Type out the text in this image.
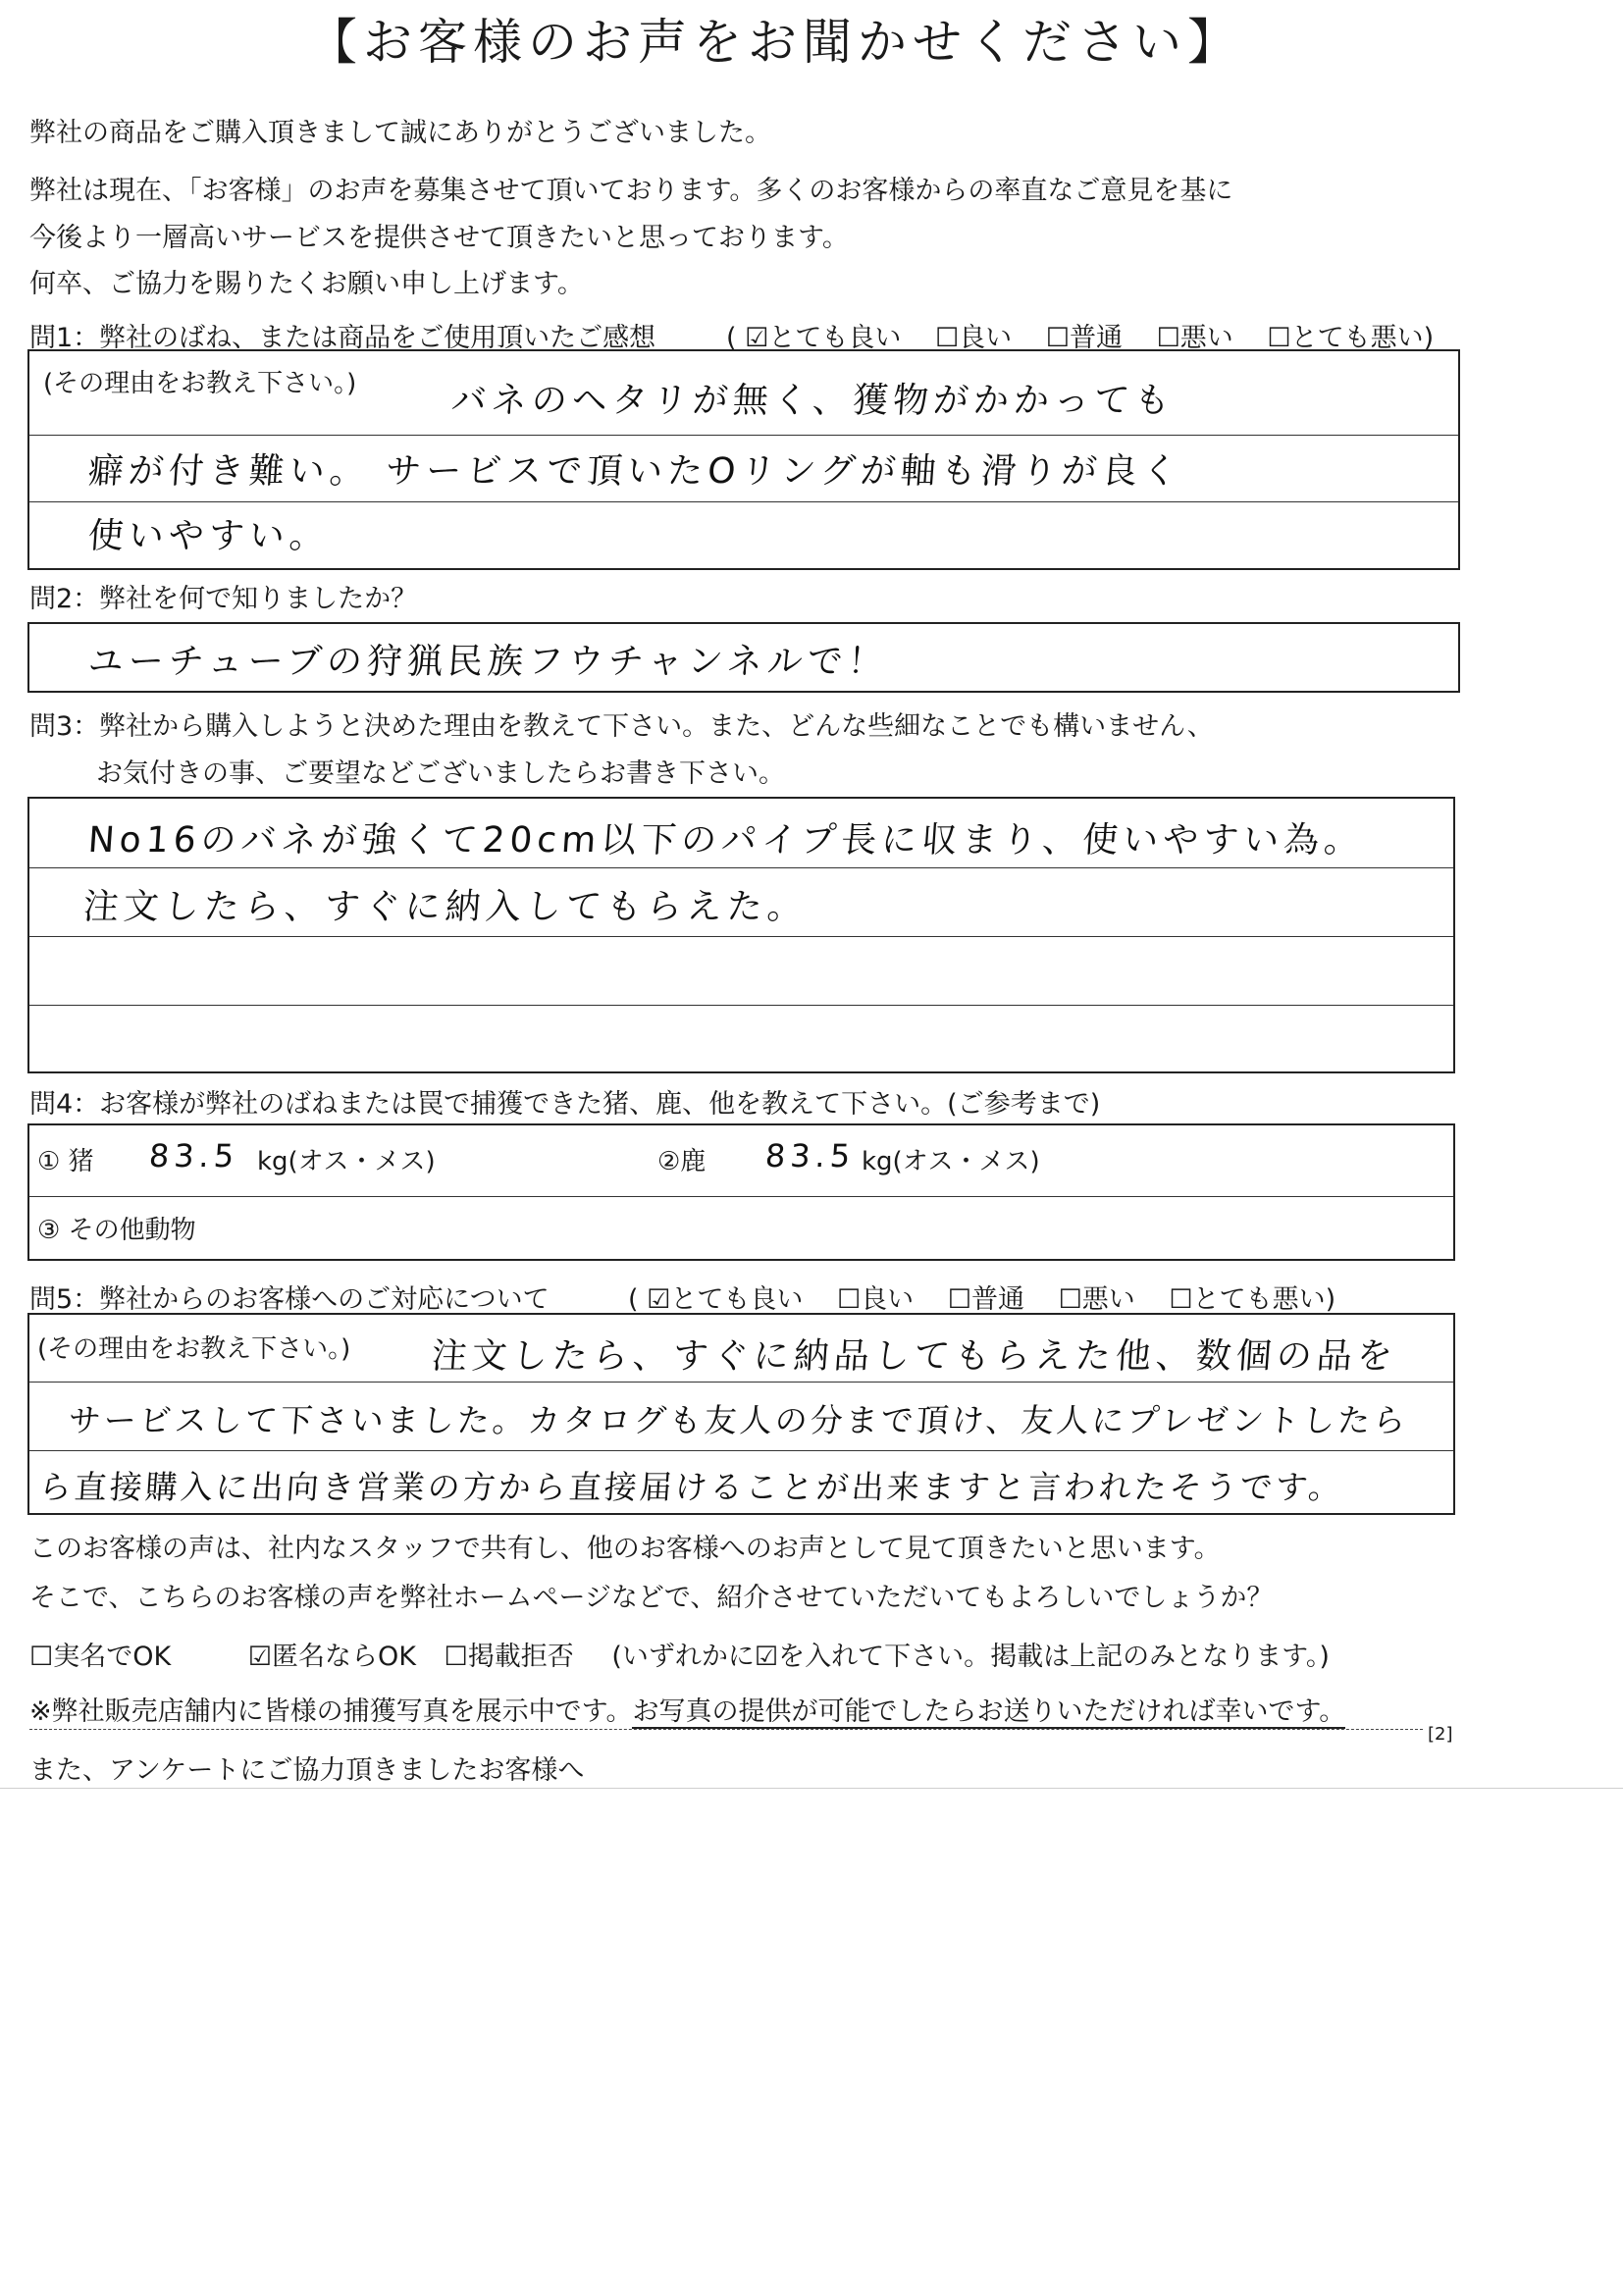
【お客様のお声をお聞かせください】
弊社の商品をご購入頂きまして誠にありがとうございました。
弊社は現在、「お客様」のお声を募集させて頂いております。多くのお客様からの率直なご意見を基に
今後より一層高いサービスを提供させて頂きたいと思っております。
何卒、ご協力を賜りたくお願い申し上げます。
問1：弊社のばね、または商品をご使用頂いたご感想	( ☑とても良い ☐良い ☐普通 ☐悪い ☐とても悪い)
(その理由をお教え下さい。)	バネのヘタリが無く、獲物がかかっても
癖が付き難い。 サービスで頂いたOリングが軸も滑りが良く
使いやすい。
問2：弊社を何で知りましたか？
ユーチューブの狩猟民族フウチャンネルで！
問3：弊社から購入しようと決めた理由を教えて下さい。また、どんな些細なことでも構いません、
お気付きの事、ご要望などございましたらお書き下さい。
No16のバネが強くて20cm以下のパイプ長に収まり、使いやすい為。
注文したら、すぐに納入してもらえた。
問4：お客様が弊社のばねまたは罠で捕獲できた猪、鹿、他を教えて下さい。(ご参考まで)
① 猪 83.5 kg(オス・メス)	②鹿 83.5 kg(オス・メス)
③ その他動物
問5：弊社からのお客様へのご対応について	( ☑とても良い ☐良い ☐普通 ☐悪い ☐とても悪い)
(その理由をお教え下さい。) 注文したら、すぐに納品してもらえた他、数個の品を
サービスして下さいました。カタログも友人の分まで頂け、友人にプレゼントしたら
ら直接購入に出向き営業の方から直接届けることが出来ますと言われたそうです。
このお客様の声は、社内なスタッフで共有し、他のお客様へのお声として見て頂きたいと思います。
そこで、こちらのお客様の声を弊社ホームページなどで、紹介させていただいてもよろしいでしょうか？
☐実名でOK	☑匿名ならOK ☐掲載拒否 (いずれかに☑を入れて下さい。掲載は上記のみとなります。)
※弊社販売店舗内に皆様の捕獲写真を展示中です。お写真の提供が可能でしたらお送りいただければ幸いです。
[2]
また、アンケートにご協力頂きましたお客様へ
